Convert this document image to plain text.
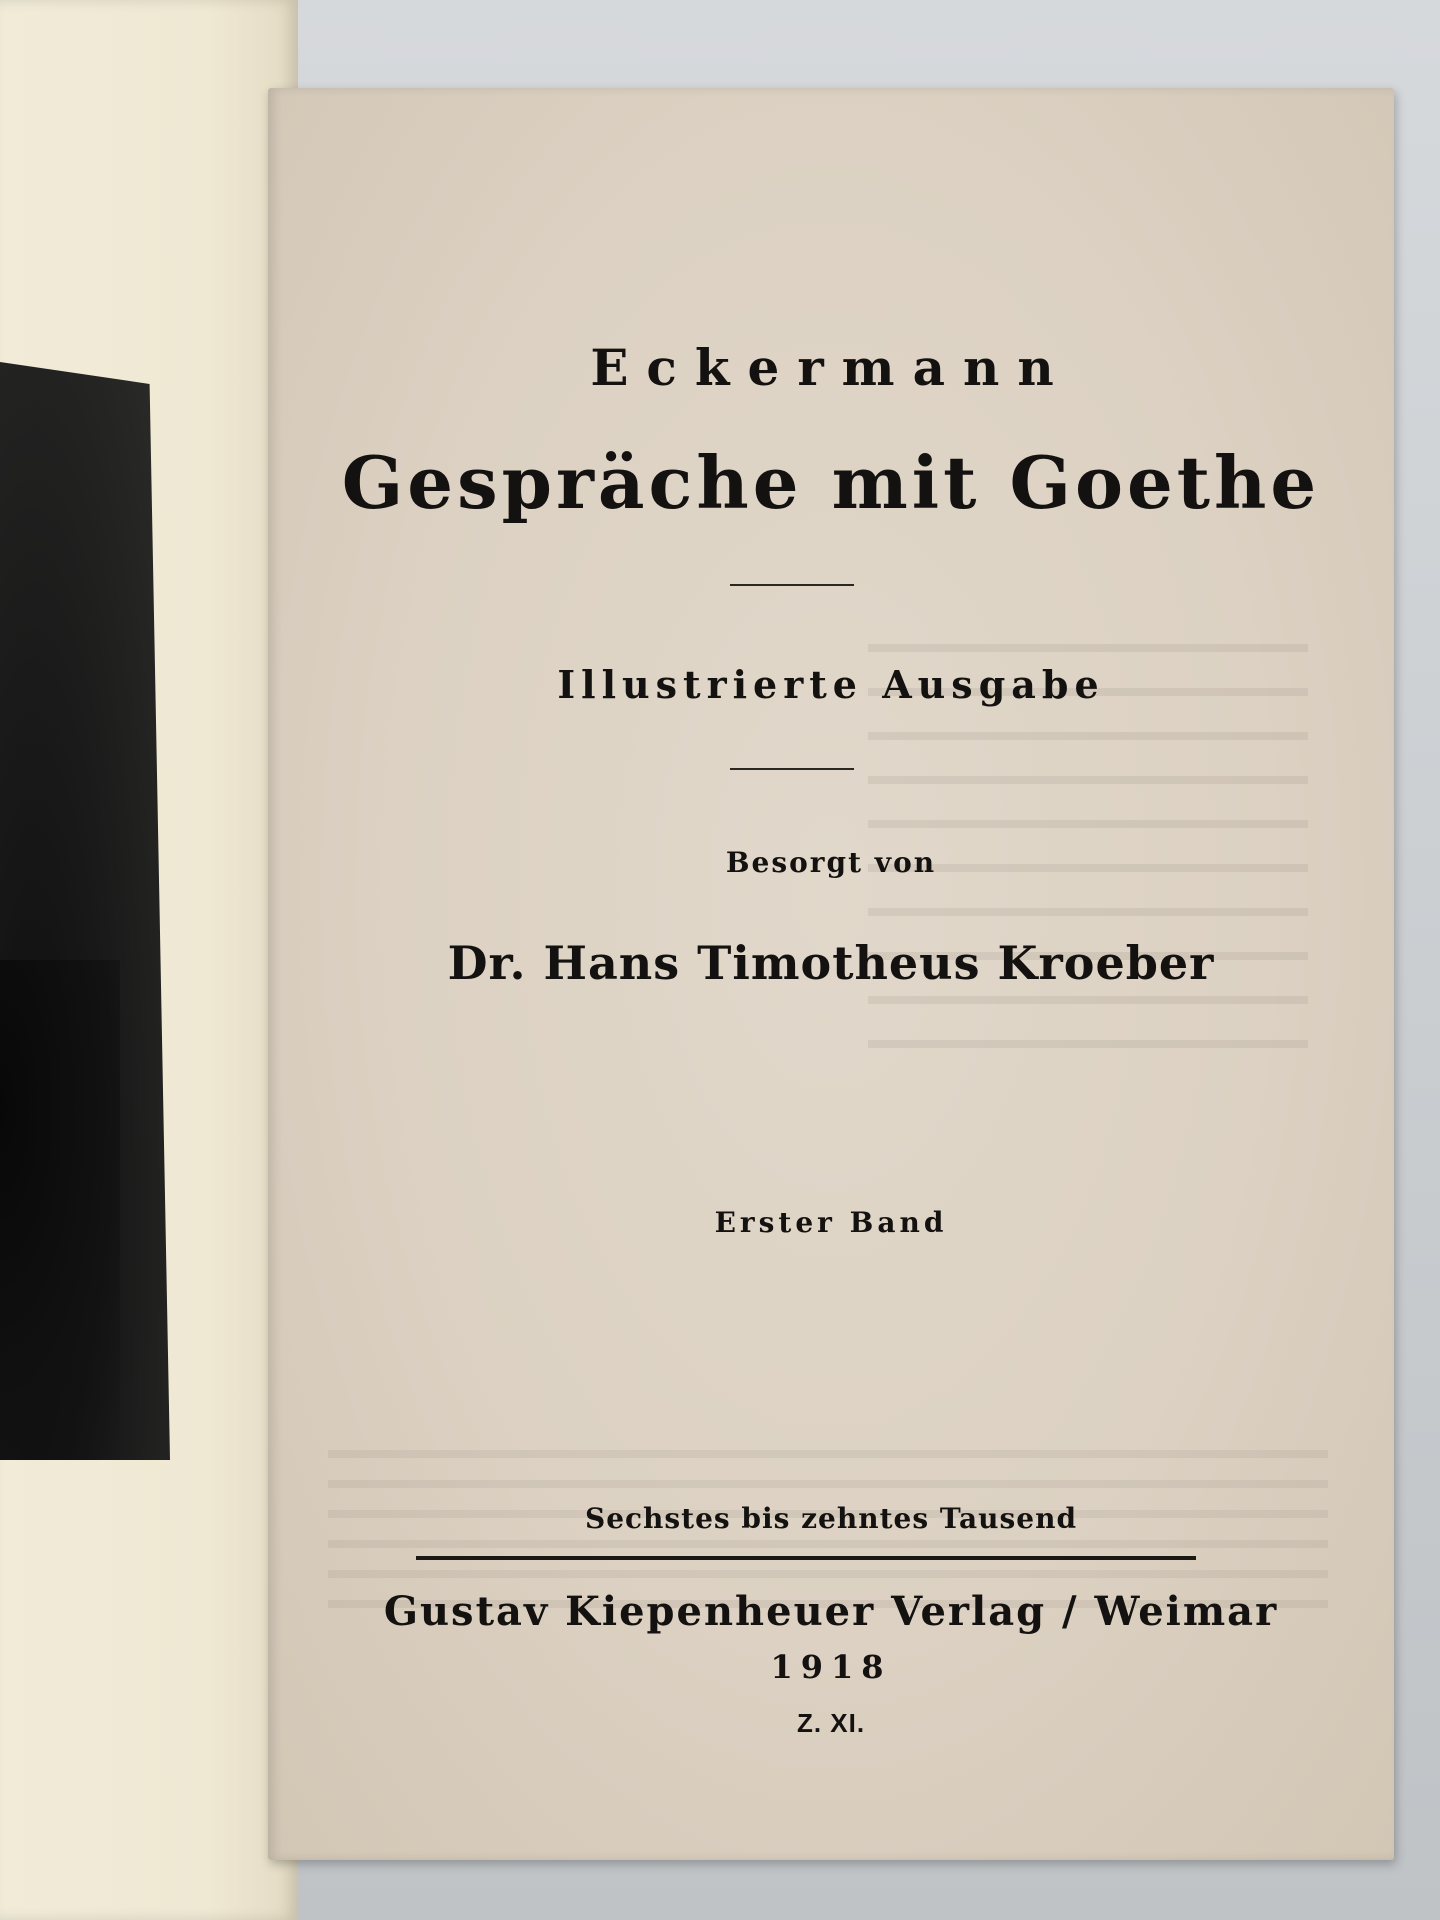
Eckermann
Gespräche mit Goethe
Illustrierte Ausgabe
Besorgt von
Dr. Hans Timotheus Kroeber
Erster Band
Sechstes bis zehntes Tausend
Gustav Kiepenheuer Verlag / Weimar
1918
Z. XI.
